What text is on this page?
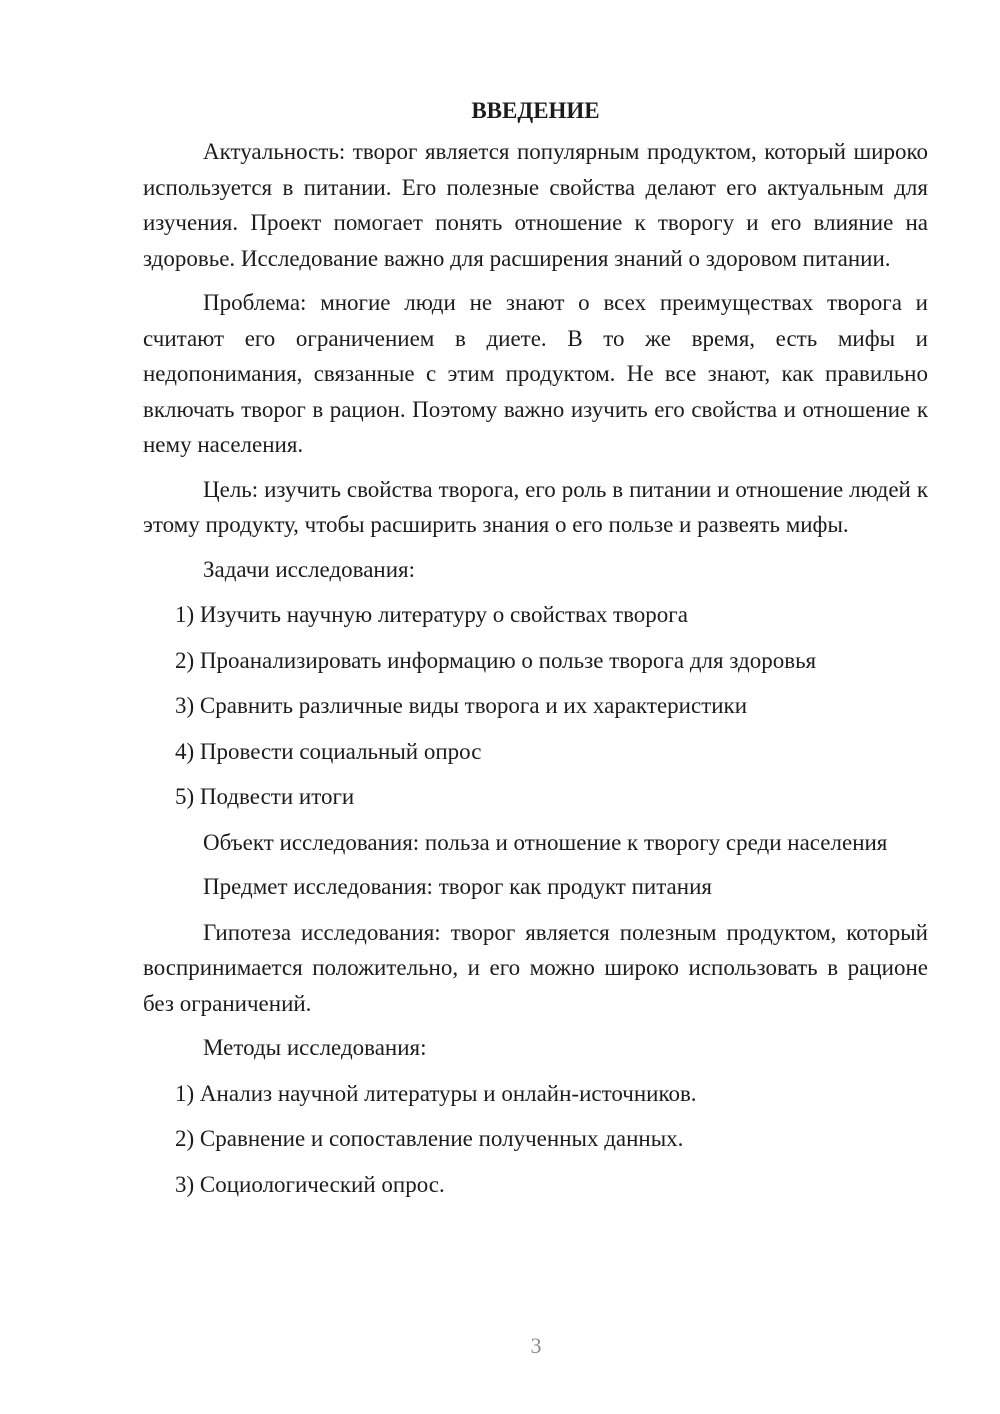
ВВЕДЕНИЕ

Актуальность: творог является популярным продуктом, который широко используется в питании. Его полезные свойства делают его актуальным для изучения. Проект помогает понять отношение к творогу и его влияние на здоровье. Исследование важно для расширения знаний о здоровом питании.

Проблема: многие люди не знают о всех преимуществах творога и считают его ограничением в диете. В то же время, есть мифы и недопонимания, связанные с этим продуктом. Не все знают, как правильно включать творог в рацион. Поэтому важно изучить его свойства и отношение к нему населения.

Цель: изучить свойства творога, его роль в питании и отношение людей к этому продукту, чтобы расширить знания о его пользе и развеять мифы.

Задачи исследования:
1) Изучить научную литературу о свойствах творога
2) Проанализировать информацию о пользе творога для здоровья
3) Сравнить различные виды творога и их характеристики
4) Провести социальный опрос
5) Подвести итоги

Объект исследования: польза и отношение к творогу среди населения

Предмет исследования: творог как продукт питания

Гипотеза исследования: творог является полезным продуктом, который воспринимается положительно, и его можно широко использовать в рационе без ограничений.

Методы исследования:
1) Анализ научной литературы и онлайн-источников.
2) Сравнение и сопоставление полученных данных.
3) Социологический опрос.
3
